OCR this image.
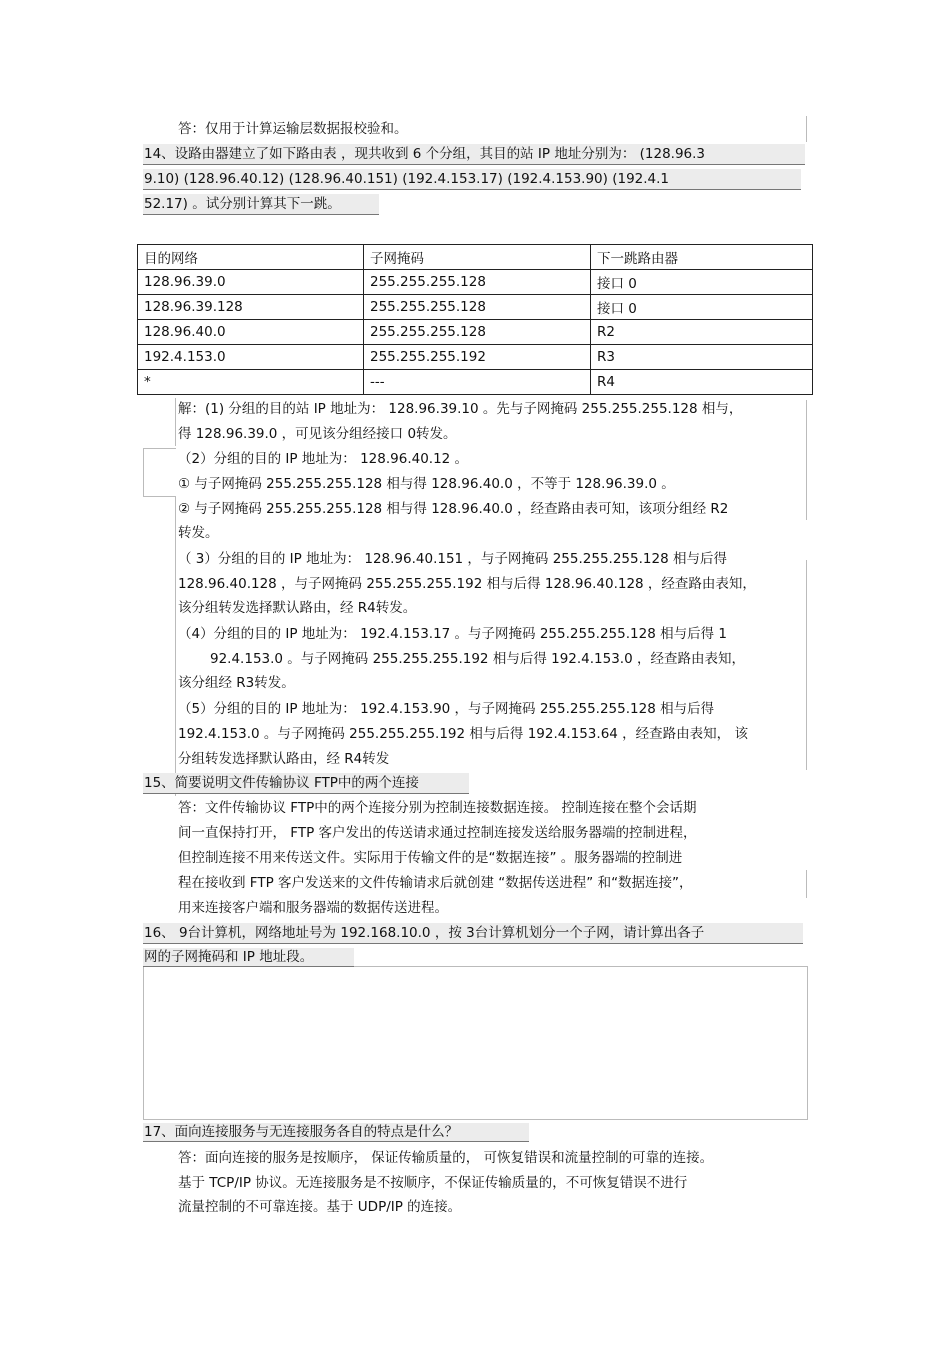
答：仅用于计算运输层数据报校验和。
14、设路由器建立了如下路由表 ，现共收到 6 个分组，其目的站 IP 地址分别为： (128.96.3
9.10) (128.96.40.12) (128.96.40.151) (192.4.153.17) (192.4.153.90) (192.4.1
52.17) 。试分别计算其下一跳。
目的网络	子网掩码	下一跳路由器
128.96.39.0	255.255.255.128	接口 0
128.96.39.128	255.255.255.128	接口 0
128.96.40.0	255.255.255.128	R2
192.4.153.0	255.255.255.192	R3
*	---	R4
解：(1) 分组的目的站 IP 地址为： 128.96.39.10 。先与子网掩码 255.255.255.128 相与，
得 128.96.39.0 ，可见该分组经接口 0转发。
（2）分组的目的 IP 地址为： 128.96.40.12 。
① 与子网掩码 255.255.255.128 相与得 128.96.40.0 ，不等于 128.96.39.0 。
② 与子网掩码 255.255.255.128 相与得 128.96.40.0 ，经查路由表可知，该项分组经 R2
转发。
（ 3）分组的目的 IP 地址为： 128.96.40.151 ，与子网掩码 255.255.255.128 相与后得
128.96.40.128 ，与子网掩码 255.255.255.192 相与后得 128.96.40.128 ，经查路由表知，
该分组转发选择默认路由，经 R4转发。
（4）分组的目的 IP 地址为： 192.4.153.17 。与子网掩码 255.255.255.128 相与后得 1
92.4.153.0 。与子网掩码 255.255.255.192 相与后得 192.4.153.0 ，经查路由表知，
该分组经 R3转发。
（5）分组的目的 IP 地址为： 192.4.153.90 ，与子网掩码 255.255.255.128 相与后得
192.4.153.0 。与子网掩码 255.255.255.192 相与后得 192.4.153.64 ，经查路由表知， 该
分组转发选择默认路由，经 R4转发
15、简要说明文件传输协议 FTP中的两个连接
答：文件传输协议 FTP中的两个连接分别为控制连接数据连接。 控制连接在整个会话期
间一直保持打开， FTP 客户发出的传送请求通过控制连接发送给服务器端的控制进程，
但控制连接不用来传送文件。实际用于传输文件的是“数据连接” 。服务器端的控制进
程在接收到 FTP 客户发送来的文件传输请求后就创建 “数据传送进程” 和“数据连接”，
用来连接客户端和服务器端的数据传送进程。
16、 9台计算机，网络地址号为 192.168.10.0 ，按 3台计算机划分一个子网，请计算出各子
网的子网掩码和 IP 地址段。
17、面向连接服务与无连接服务各自的特点是什么？
答：面向连接的服务是按顺序， 保证传输质量的， 可恢复错误和流量控制的可靠的连接。
基于 TCP/IP 协议。无连接服务是不按顺序，不保证传输质量的，不可恢复错误不进行
流量控制的不可靠连接。基于 UDP/IP 的连接。
